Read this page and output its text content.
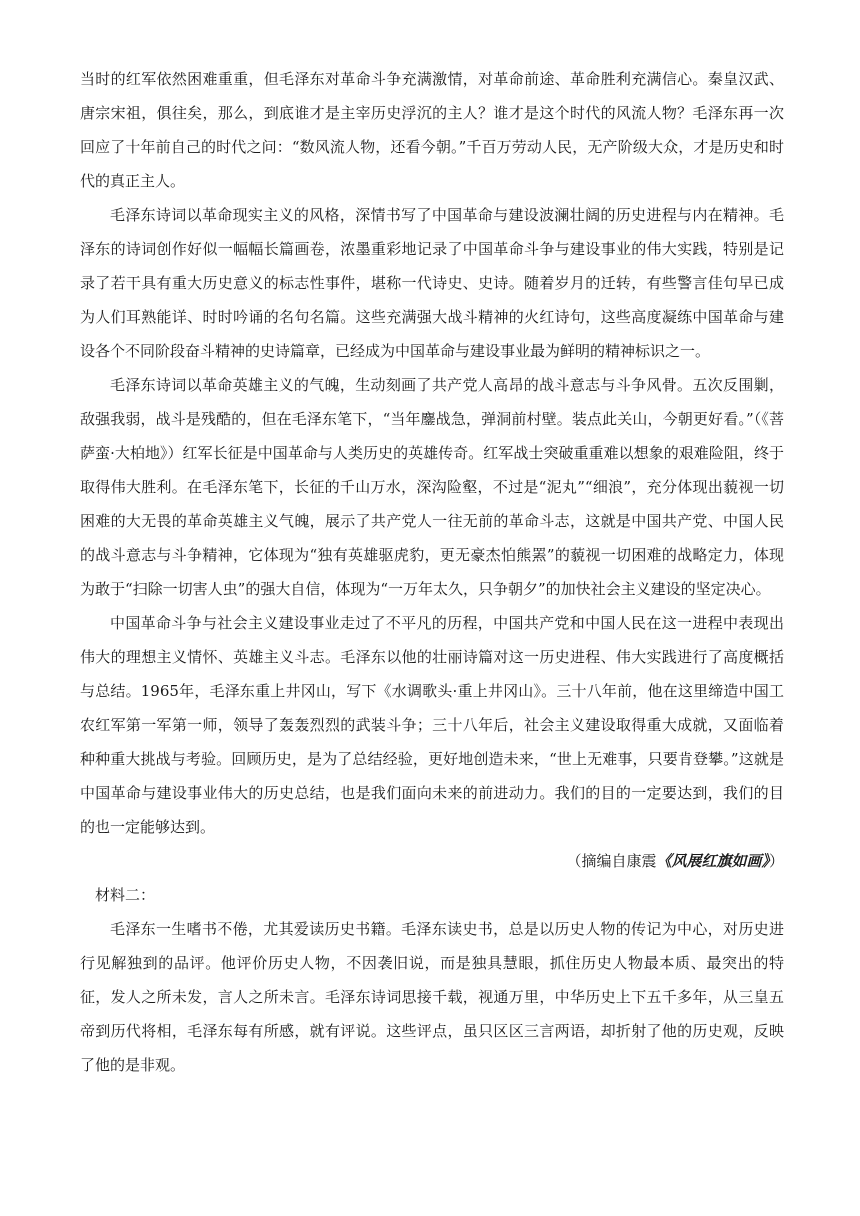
当时的红军依然困难重重，但毛泽东对革命斗争充满激情，对革命前途、革命胜利充满信心。秦皇汉武、唐宗宋祖，俱往矣，那么，到底谁才是主宰历史浮沉的主人？谁才是这个时代的风流人物？毛泽东再一次回应了十年前自己的时代之问：“数风流人物，还看今朝。”千百万劳动人民，无产阶级大众，才是历史和时代的真正主人。

毛泽东诗词以革命现实主义的风格，深情书写了中国革命与建设波澜壮阔的历史进程与内在精神。毛泽东的诗词创作好似一幅幅长篇画卷，浓墨重彩地记录了中国革命斗争与建设事业的伟大实践，特别是记录了若干具有重大历史意义的标志性事件，堪称一代诗史、史诗。随着岁月的迁转，有些警言佳句早已成为人们耳熟能详、时时吟诵的名句名篇。这些充满强大战斗精神的火红诗句，这些高度凝练中国革命与建设各个不同阶段奋斗精神的史诗篇章，已经成为中国革命与建设事业最为鲜明的精神标识之一。

毛泽东诗词以革命英雄主义的气魄，生动刻画了共产党人高昂的战斗意志与斗争风骨。五次反围剿，敌强我弱，战斗是残酷的，但在毛泽东笔下，“当年鏖战急，弹洞前村壁。装点此关山，今朝更好看。”（《菩萨蛮·大柏地》）红军长征是中国革命与人类历史的英雄传奇。红军战士突破重重难以想象的艰难险阻，终于取得伟大胜利。在毛泽东笔下，长征的千山万水，深沟险壑，不过是“泥丸”“细浪”，充分体现出藐视一切困难的大无畏的革命英雄主义气魄，展示了共产党人一往无前的革命斗志，这就是中国共产党、中国人民的战斗意志与斗争精神，它体现为“独有英雄驱虎豹，更无豪杰怕熊罴”的藐视一切困难的战略定力，体现为敢于“扫除一切害人虫”的强大自信，体现为“一万年太久，只争朝夕”的加快社会主义建设的坚定决心。

中国革命斗争与社会主义建设事业走过了不平凡的历程，中国共产党和中国人民在这一进程中表现出伟大的理想主义情怀、英雄主义斗志。毛泽东以他的壮丽诗篇对这一历史进程、伟大实践进行了高度概括与总结。1965年，毛泽东重上井冈山，写下《水调歌头·重上井冈山》。三十八年前，他在这里缔造中国工农红军第一军第一师，领导了轰轰烈烈的武装斗争；三十八年后，社会主义建设取得重大成就，又面临着种种重大挑战与考验。回顾历史，是为了总结经验，更好地创造未来，“世上无难事，只要肯登攀。”这就是中国革命与建设事业伟大的历史总结，也是我们面向未来的前进动力。我们的目的一定要达到，我们的目的也一定能够达到。

（摘编自康震《风展红旗如画》）

材料二：

毛泽东一生嗜书不倦，尤其爱读历史书籍。毛泽东读史书，总是以历史人物的传记为中心，对历史进行见解独到的品评。他评价历史人物，不因袭旧说，而是独具慧眼，抓住历史人物最本质、最突出的特征，发人之所未发，言人之所未言。毛泽东诗词思接千载，视通万里，中华历史上下五千多年，从三皇五帝到历代将相，毛泽东每有所感，就有评说。这些评点，虽只区区三言两语，却折射了他的历史观，反映了他的是非观。
